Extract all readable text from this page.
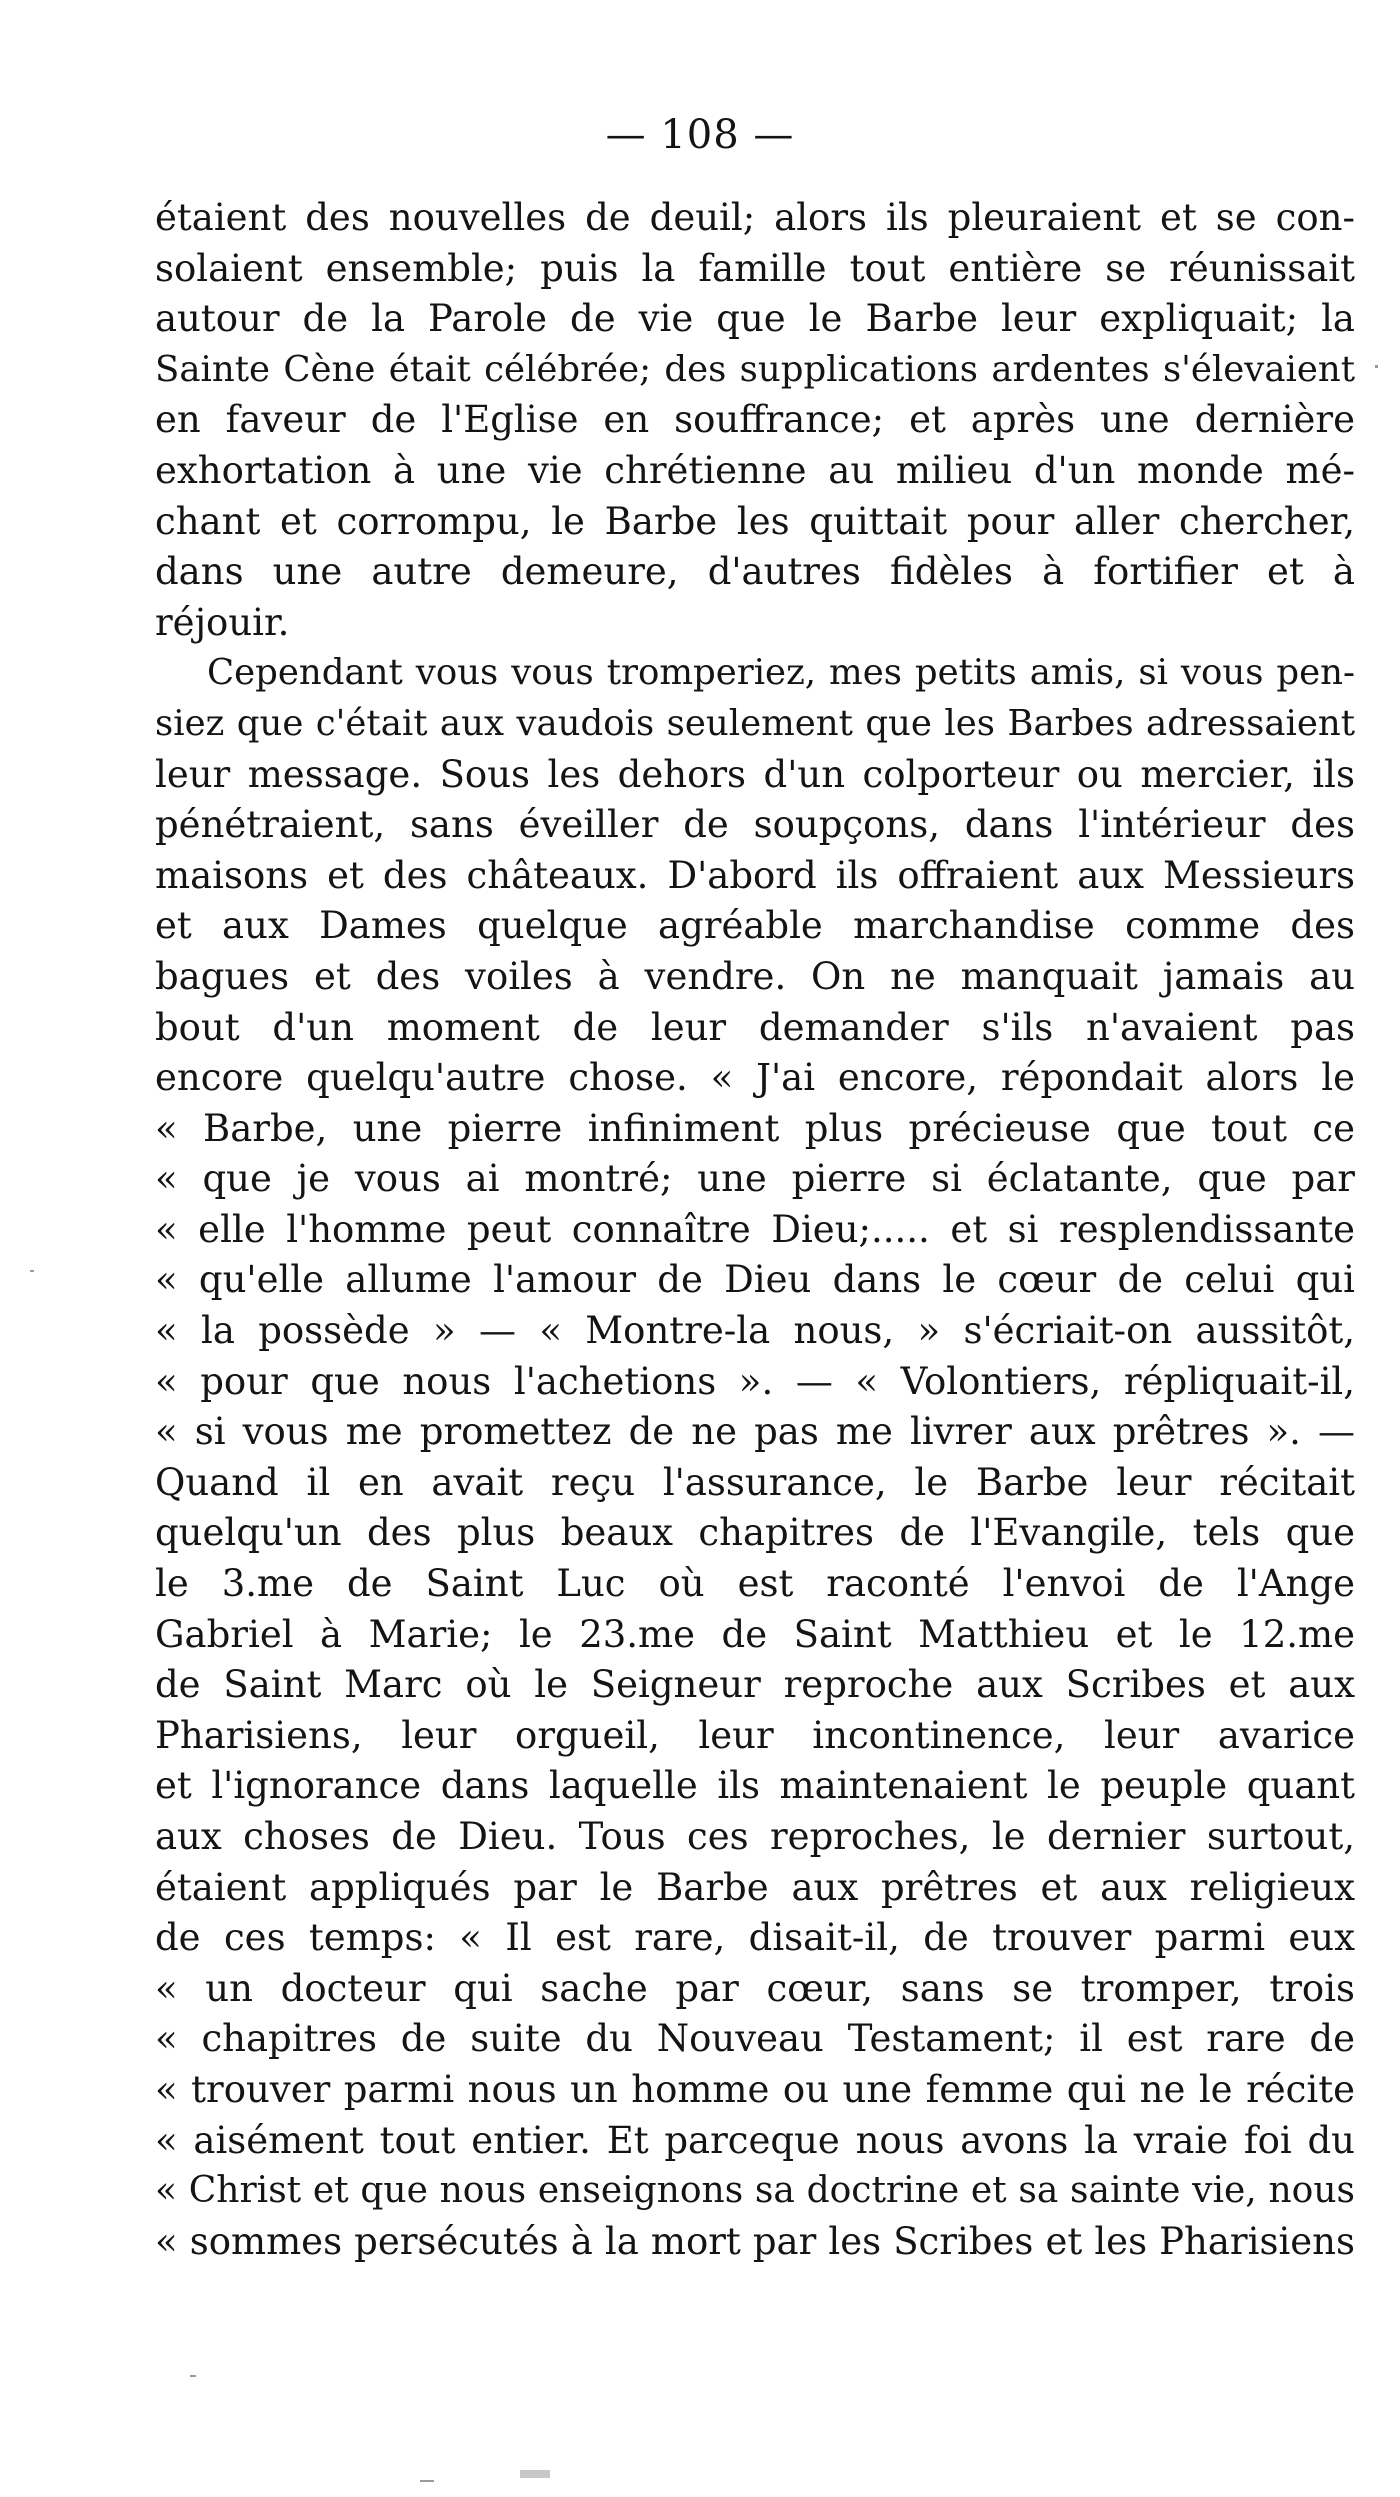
— 108 —
étaient des nouvelles de deuil; alors ils pleuraient et se con-
solaient ensemble; puis la famille tout entière se réunissait
autour de la Parole de vie que le Barbe leur expliquait; la
Sainte Cène était célébrée; des supplications ardentes s'élevaient
en faveur de l'Eglise en souffrance; et après une dernière
exhortation à une vie chrétienne au milieu d'un monde mé-
chant et corrompu, le Barbe les quittait pour aller chercher,
dans une autre demeure, d'autres fidèles à fortifier et à
réjouir.
Cependant vous vous tromperiez, mes petits amis, si vous pen-
siez que c'était aux vaudois seulement que les Barbes adressaient
leur message. Sous les dehors d'un colporteur ou mercier, ils
pénétraient, sans éveiller de soupçons, dans l'intérieur des
maisons et des châteaux. D'abord ils offraient aux Messieurs
et aux Dames quelque agréable marchandise comme des
bagues et des voiles à vendre. On ne manquait jamais au
bout d'un moment de leur demander s'ils n'avaient pas
encore quelqu'autre chose. « J'ai encore, répondait alors le
« Barbe, une pierre infiniment plus précieuse que tout ce
« que je vous ai montré; une pierre si éclatante, que par
« elle l'homme peut connaître Dieu;..... et si resplendissante
« qu'elle allume l'amour de Dieu dans le cœur de celui qui
« la possède » — « Montre-la nous, » s'écriait-on aussitôt,
« pour que nous l'achetions ». — « Volontiers, répliquait-il,
« si vous me promettez de ne pas me livrer aux prêtres ». —
Quand il en avait reçu l'assurance, le Barbe leur récitait
quelqu'un des plus beaux chapitres de l'Evangile, tels que
le 3.me de Saint Luc où est raconté l'envoi de l'Ange
Gabriel à Marie; le 23.me de Saint Matthieu et le 12.me
de Saint Marc où le Seigneur reproche aux Scribes et aux
Pharisiens, leur orgueil, leur incontinence, leur avarice
et l'ignorance dans laquelle ils maintenaient le peuple quant
aux choses de Dieu. Tous ces reproches, le dernier surtout,
étaient appliqués par le Barbe aux prêtres et aux religieux
de ces temps: « Il est rare, disait-il, de trouver parmi eux
« un docteur qui sache par cœur, sans se tromper, trois
« chapitres de suite du Nouveau Testament; il est rare de
« trouver parmi nous un homme ou une femme qui ne le récite
« aisément tout entier. Et parceque nous avons la vraie foi du
« Christ et que nous enseignons sa doctrine et sa sainte vie, nous
« sommes persécutés à la mort par les Scribes et les Pharisiens
